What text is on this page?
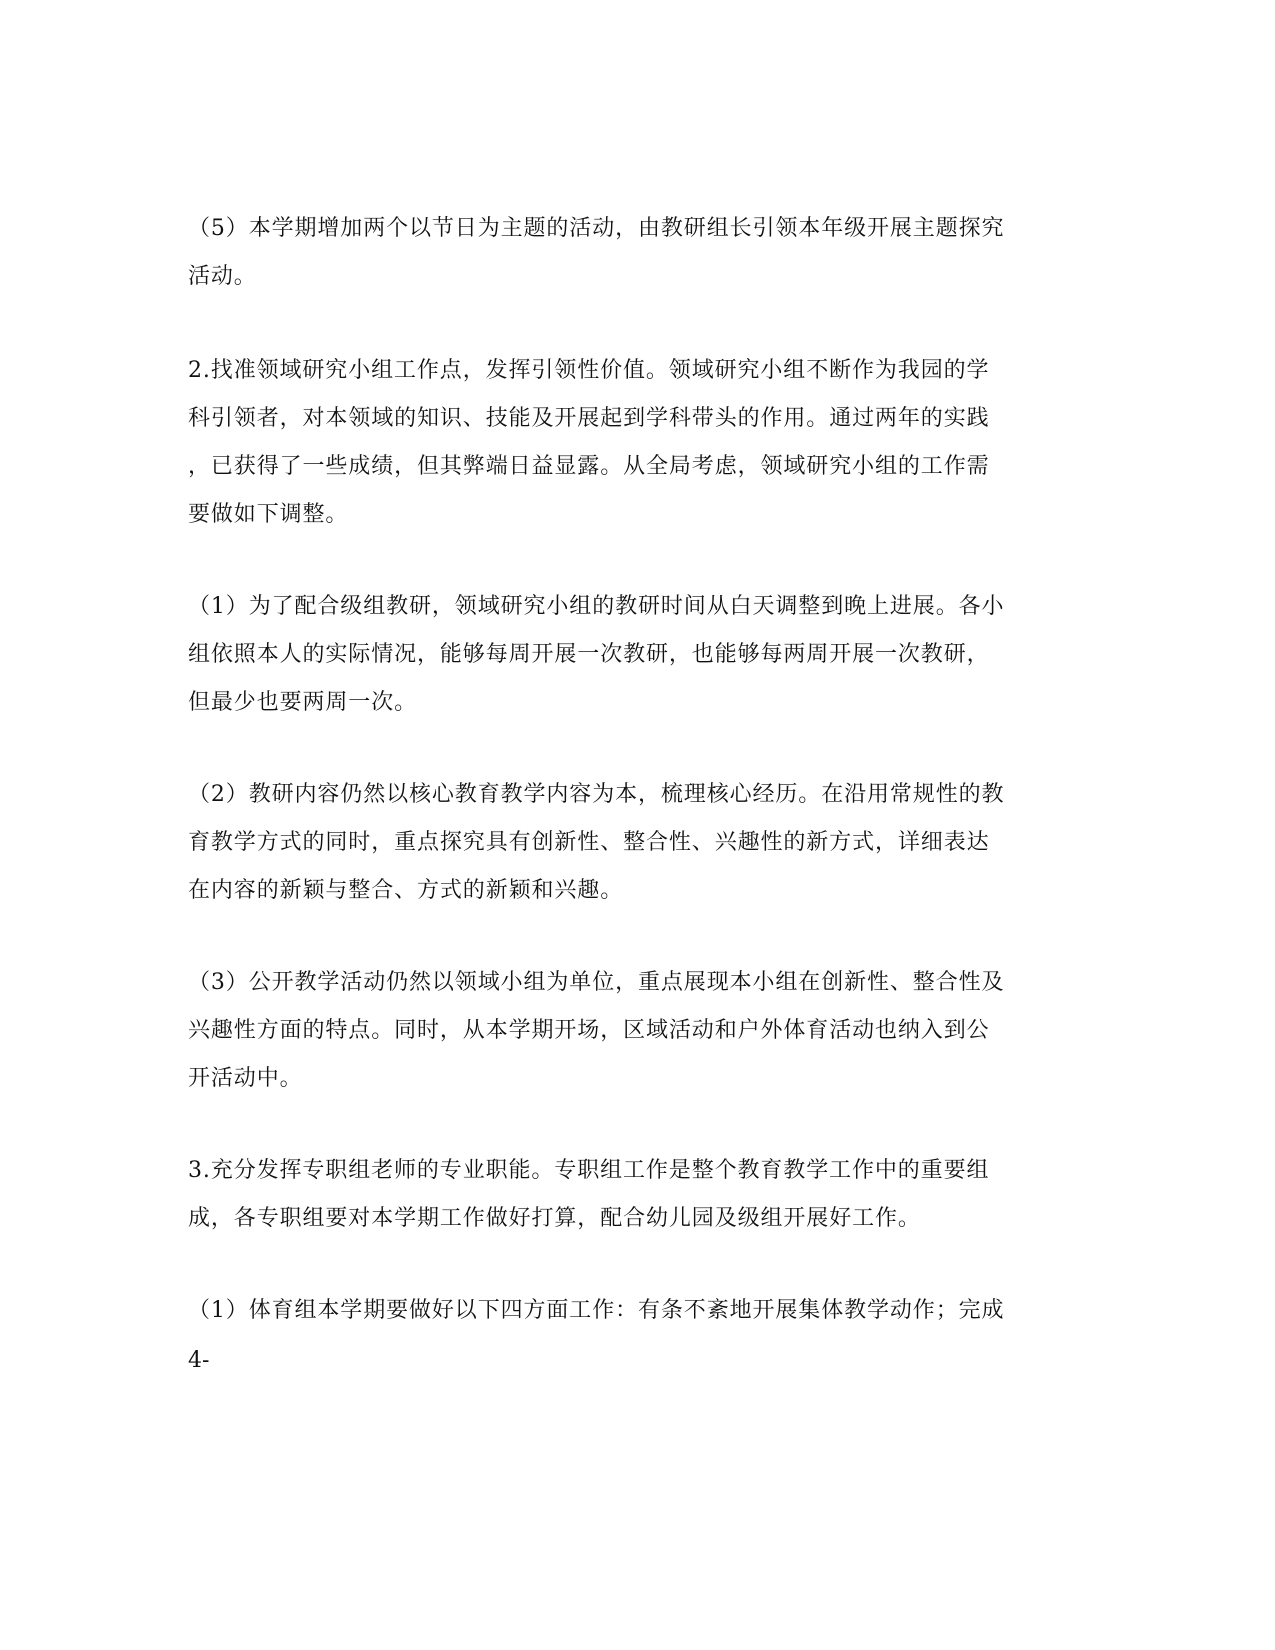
（5）本学期增加两个以节日为主题的活动，由教研组长引领本年级开展主题探究
活动。

2.找准领域研究小组工作点，发挥引领性价值。领域研究小组不断作为我园的学
科引领者，对本领域的知识、技能及开展起到学科带头的作用。通过两年的实践
，已获得了一些成绩，但其弊端日益显露。从全局考虑，领域研究小组的工作需
要做如下调整。

（1）为了配合级组教研，领域研究小组的教研时间从白天调整到晚上进展。各小
组依照本人的实际情况，能够每周开展一次教研，也能够每两周开展一次教研，
但最少也要两周一次。

（2）教研内容仍然以核心教育教学内容为本，梳理核心经历。在沿用常规性的教
育教学方式的同时，重点探究具有创新性、整合性、兴趣性的新方式，详细表达
在内容的新颖与整合、方式的新颖和兴趣。

（3）公开教学活动仍然以领域小组为单位，重点展现本小组在创新性、整合性及
兴趣性方面的特点。同时，从本学期开场，区域活动和户外体育活动也纳入到公
开活动中。

3.充分发挥专职组老师的专业职能。专职组工作是整个教育教学工作中的重要组
成，各专职组要对本学期工作做好打算，配合幼儿园及级组开展好工作。

（1）体育组本学期要做好以下四方面工作：有条不紊地开展集体教学动作；完成

4-
